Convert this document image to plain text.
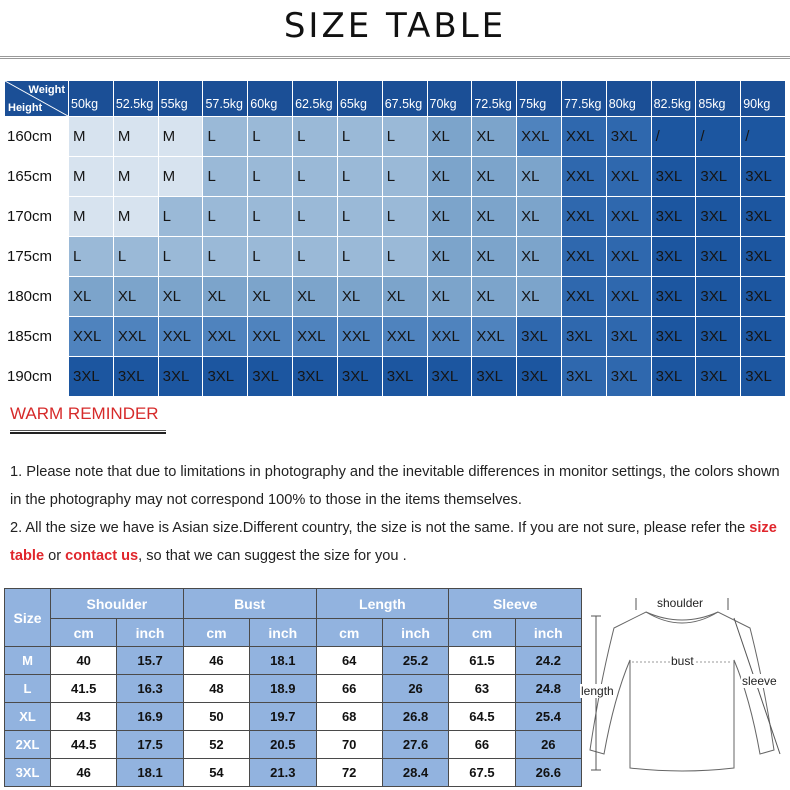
SIZE TABLE
Weight
Height	50kg	52.5kg	55kg	57.5kg	60kg	62.5kg	65kg	67.5kg	70kg	72.5kg	75kg	77.5kg	80kg	82.5kg	85kg	90kg
160cm	M	M	M	L	L	L	L	L	XL	XL	XXL	XXL	3XL	/	/	/
165cm	M	M	M	L	L	L	L	L	XL	XL	XL	XXL	XXL	3XL	3XL	3XL
170cm	M	M	L	L	L	L	L	L	XL	XL	XL	XXL	XXL	3XL	3XL	3XL
175cm	L	L	L	L	L	L	L	L	XL	XL	XL	XXL	XXL	3XL	3XL	3XL
180cm	XL	XL	XL	XL	XL	XL	XL	XL	XL	XL	XL	XXL	XXL	3XL	3XL	3XL
185cm	XXL	XXL	XXL	XXL	XXL	XXL	XXL	XXL	XXL	XXL	3XL	3XL	3XL	3XL	3XL	3XL
190cm	3XL	3XL	3XL	3XL	3XL	3XL	3XL	3XL	3XL	3XL	3XL	3XL	3XL	3XL	3XL	3XL
WARM REMINDER
1. Please note that due to limitations in photography and the inevitable differences in monitor settings, the colors shown in the photography may not correspond 100% to those in the items themselves.
2. All the size we have is Asian size.Different country, the size is not the same. If you are not sure, please refer the size table or contact us, so that we can suggest the size for you .
Size	Shoulder		Bust		Length		Sleeve	
	cm	inch	cm	inch	cm	inch	cm	inch
M	40	15.7	46	18.1	64	25.2	61.5	24.2
L	41.5	16.3	48	18.9	66	26	63	24.8
XL	43	16.9	50	19.7	68	26.8	64.5	25.4
2XL	44.5	17.5	52	20.5	70	27.6	66	26
3XL	46	18.1	54	21.3	72	28.4	67.5	26.6
shoulder
bust
length
sleeve
